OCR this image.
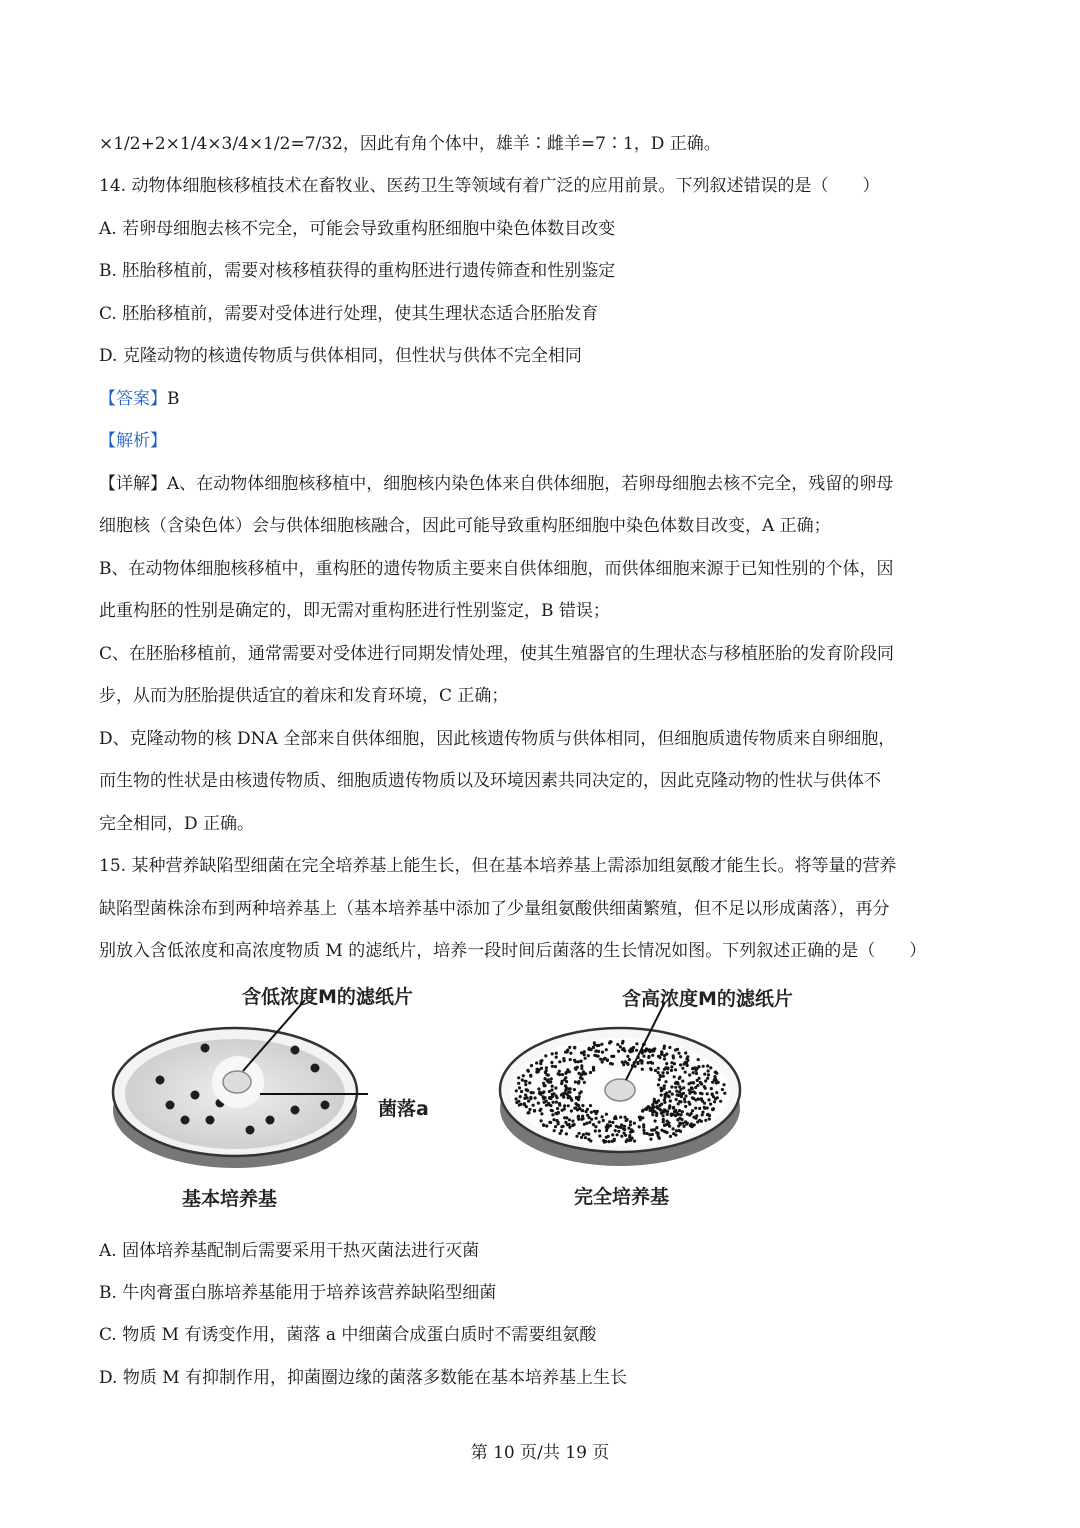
×1/2+2×1/4×3/4×1/2=7/32，因此有角个体中，雄羊∶雌羊=7∶1，D 正确。

14. 动物体细胞核移植技术在畜牧业、医药卫生等领域有着广泛的应用前景。下列叙述错误的是（　　）

A. 若卵母细胞去核不完全，可能会导致重构胚细胞中染色体数目改变

B. 胚胎移植前，需要对核移植获得的重构胚进行遗传筛查和性别鉴定

C. 胚胎移植前，需要对受体进行处理，使其生理状态适合胚胎发育

D. 克隆动物的核遗传物质与供体相同，但性状与供体不完全相同

【答案】B

【解析】

【详解】A、在动物体细胞核移植中，细胞核内染色体来自供体细胞，若卵母细胞去核不完全，残留的卵母

细胞核（含染色体）会与供体细胞核融合，因此可能导致重构胚细胞中染色体数目改变，A 正确；

B、在动物体细胞核移植中，重构胚的遗传物质主要来自供体细胞，而供体细胞来源于已知性别的个体，因

此重构胚的性别是确定的，即无需对重构胚进行性别鉴定，B 错误；

C、在胚胎移植前，通常需要对受体进行同期发情处理，使其生殖器官的生理状态与移植胚胎的发育阶段同

步，从而为胚胎提供适宜的着床和发育环境，C 正确；

D、克隆动物的核 DNA 全部来自供体细胞，因此核遗传物质与供体相同，但细胞质遗传物质来自卵细胞，

而生物的性状是由核遗传物质、细胞质遗传物质以及环境因素共同决定的，因此克隆动物的性状与供体不

完全相同，D 正确。

15. 某种营养缺陷型细菌在完全培养基上能生长，但在基本培养基上需添加组氨酸才能生长。将等量的营养

缺陷型菌株涂布到两种培养基上（基本培养基中添加了少量组氨酸供细菌繁殖，但不足以形成菌落），再分

别放入含低浓度和高浓度物质 M 的滤纸片，培养一段时间后菌落的生长情况如图。下列叙述正确的是（　　）

含低浓度M的滤纸片	含高浓度M的滤纸片
菌落a
基本培养基	完全培养基

A. 固体培养基配制后需要采用干热灭菌法进行灭菌

B. 牛肉膏蛋白胨培养基能用于培养该营养缺陷型细菌

C. 物质 M 有诱变作用，菌落 a 中细菌合成蛋白质时不需要组氨酸

D. 物质 M 有抑制作用，抑菌圈边缘的菌落多数能在基本培养基上生长

第 10 页/共 19 页
